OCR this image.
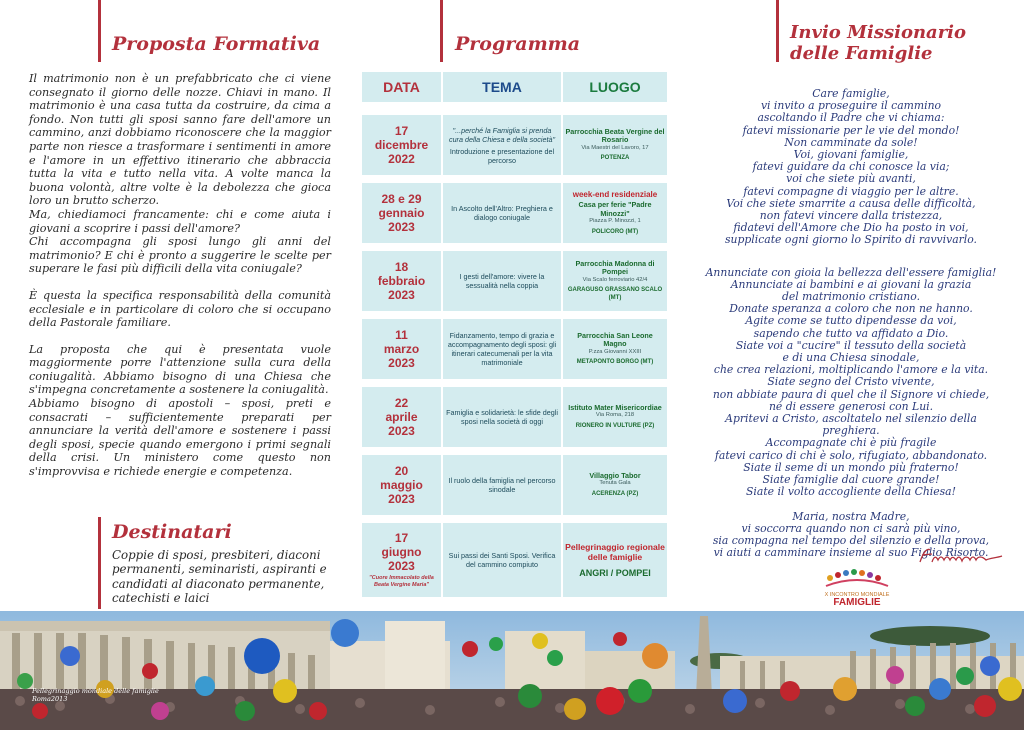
Proposta Formativa

Il matrimonio non è un prefabbricato che ci viene consegnato il giorno delle nozze. Chiavi in mano. Il matrimonio è una casa tutta da costruire, da cima a fondo. Non tutti gli sposi sanno fare dell'amore un cammino, anzi dobbiamo riconoscere che la maggior parte non riesce a trasformare i sentimenti in amore e l'amore in un effettivo itinerario che abbraccia tutta la vita e tutto nella vita. A volte manca la buona volontà, altre volte è la debolezza che gioca loro un brutto scherzo.

Ma, chiediamoci francamente: chi e come aiuta i giovani a scoprire i passi dell'amore?

Chi accompagna gli sposi lungo gli anni del matrimonio? E chi è pronto a suggerire le scelte per superare le fasi più difficili della vita coniugale?

È questa la specifica responsabilità della comunità ecclesiale e in particolare di coloro che si occupano della Pastorale familiare.

La proposta che qui è presentata vuole maggiormente porre l'attenzione sulla cura della coniugalità. Abbiamo bisogno di una Chiesa che s'impegna concretamente a sostenere la coniugalità.

Abbiamo bisogno di apostoli – sposi, preti e consacrati – sufficientemente preparati per annunciare la verità dell'amore e sostenere i passi degli sposi, specie quando emergono i primi segnali della crisi. Un ministero come questo non s'improvvisa e richiede energie e competenza.

Destinatari
Coppie di sposi, presbiteri, diaconi permanenti, seminaristi, aspiranti e candidati al diaconato permanente, catechisti e laici
Programma
DATA	TEMA	LUOGO
17
dicembre
2022
"...perché la Famiglia si prenda cura della Chiesa e della società"
Introduzione e presentazione del percorso
Parrocchia Beata Vergine del Rosario
Via Maestri del Lavoro, 17
POTENZA
28 e 29
gennaio
2023
In Ascolto dell'Altro: Preghiera e dialogo coniugale
week-end residenziale
Casa per ferie "Padre Minozzi"
Piazza P. Minozzi, 1
POLICORO (MT)
18
febbraio
2023
I gesti dell'amore: vivere la sessualità nella coppia
Parrocchia Madonna di Pompei
Via Scalo ferroviario 42/4
GARAGUSO GRASSANO SCALO (MT)
11
marzo
2023
Fidanzamento, tempo di grazia e accompagnamento degli sposi: gli itinerari catecumenali per la vita matrimoniale
Parrocchia San Leone Magno
P.zza Giovanni XXIII
METAPONTO BORGO (MT)
22
aprile
2023
Famiglia e solidarietà: le sfide degli sposi nella società di oggi
Istituto Mater Misericordiae
Via Roma, 218
RIONERO IN VULTURE (PZ)
20
maggio
2023
Il ruolo della famiglia nel percorso sinodale
Villaggio Tabor
Tenuta Gala
ACERENZA (PZ)
17
giugno
2023
"Cuore Immacolato della Beata Vergine Maria"
Sui passi dei Santi Sposi. Verifica del cammino compiuto
Pellegrinaggio regionale delle famiglie
ANGRI / POMPEI
Invio Missionario
delle Famiglie
Care famiglie,
vi invito a proseguire il cammino
ascoltando il Padre che vi chiama:
fatevi missionarie per le vie del mondo!
Non camminate da sole!
Voi, giovani famiglie,
fatevi guidare da chi conosce la via;
voi che siete più avanti,
fatevi compagne di viaggio per le altre.
Voi che siete smarrite a causa delle difficoltà,
non fatevi vincere dalla tristezza,
fidatevi dell'Amore che Dio ha posto in voi,
supplicate ogni giorno lo Spirito di ravvivarlo.
Annunciate con gioia la bellezza dell'essere famiglia!
Annunciate ai bambini e ai giovani la grazia
del matrimonio cristiano.
Donate speranza a coloro che non ne hanno.
Agite come se tutto dipendesse da voi,
sapendo che tutto va affidato a Dio.
Siate voi a "cucire" il tessuto della società
e di una Chiesa sinodale,
che crea relazioni, moltiplicando l'amore e la vita.
Siate segno del Cristo vivente,
non abbiate paura di quel che il Signore vi chiede,
né di essere generosi con Lui.
Apritevi a Cristo, ascoltatelo nel silenzio della preghiera.
Accompagnate chi è più fragile
fatevi carico di chi è solo, rifugiato, abbandonato.
Siate il seme di un mondo più fraterno!
Siate famiglie dal cuore grande!
Siate il volto accogliente della Chiesa!
Maria, nostra Madre,
vi soccorra quando non ci sarà più vino,
sia compagna nel tempo del silenzio e della prova,
vi aiuti a camminare insieme al suo Figlio Risorto.
X INCONTRO MONDIALE
FAMIGLIE
Pellegrinaggio mondiale delle famiglie
Roma2013
